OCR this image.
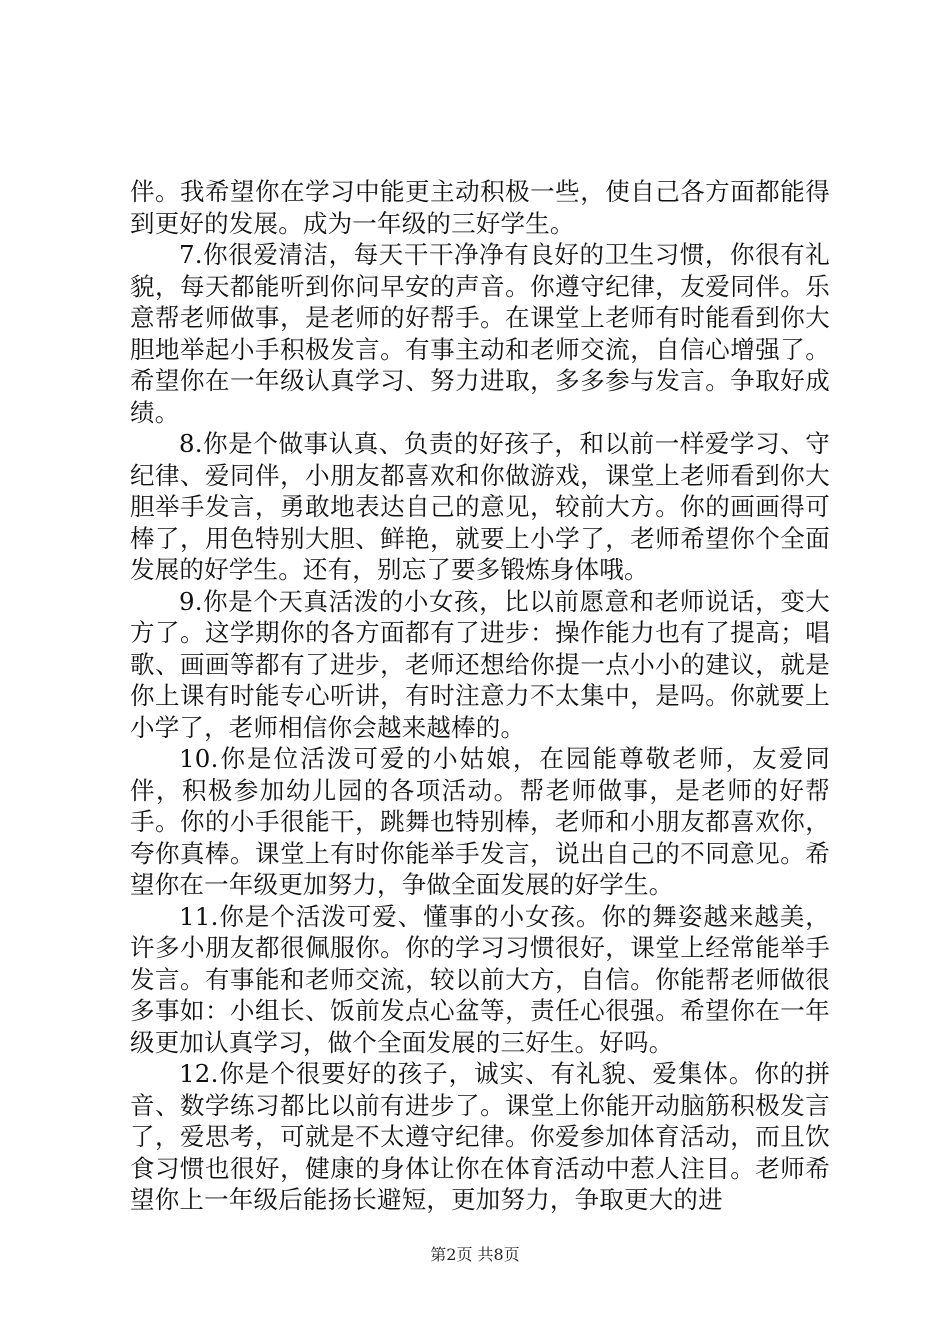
伴。我希望你在学习中能更主动积极一些，使自己各方面都能得到更好的发展。成为一年级的三好学生。

7.你很爱清洁，每天干干净净有良好的卫生习惯，你很有礼貌，每天都能听到你问早安的声音。你遵守纪律，友爱同伴。乐意帮老师做事，是老师的好帮手。在课堂上老师有时能看到你大胆地举起小手积极发言。有事主动和老师交流，自信心增强了。希望你在一年级认真学习、努力进取，多多参与发言。争取好成绩。

8.你是个做事认真、负责的好孩子，和以前一样爱学习、守纪律、爱同伴，小朋友都喜欢和你做游戏，课堂上老师看到你大胆举手发言，勇敢地表达自己的意见，较前大方。你的画画得可棒了，用色特别大胆、鲜艳，就要上小学了，老师希望你个全面发展的好学生。还有，别忘了要多锻炼身体哦。

9.你是个天真活泼的小女孩，比以前愿意和老师说话，变大方了。这学期你的各方面都有了进步：操作能力也有了提高；唱歌、画画等都有了进步，老师还想给你提一点小小的建议，就是你上课有时能专心听讲，有时注意力不太集中，是吗。你就要上小学了，老师相信你会越来越棒的。

10.你是位活泼可爱的小姑娘，在园能尊敬老师，友爱同伴，积极参加幼儿园的各项活动。帮老师做事，是老师的好帮手。你的小手很能干，跳舞也特别棒，老师和小朋友都喜欢你，夸你真棒。课堂上有时你能举手发言，说出自己的不同意见。希望你在一年级更加努力，争做全面发展的好学生。

11.你是个活泼可爱、懂事的小女孩。你的舞姿越来越美，许多小朋友都很佩服你。你的学习习惯很好，课堂上经常能举手发言。有事能和老师交流，较以前大方，自信。你能帮老师做很多事如：小组长、饭前发点心盆等，责任心很强。希望你在一年级更加认真学习，做个全面发展的三好生。好吗。

12.你是个很要好的孩子，诚实、有礼貌、爱集体。你的拼音、数学练习都比以前有进步了。课堂上你能开动脑筋积极发言了，爱思考，可就是不太遵守纪律。你爱参加体育活动，而且饮食习惯也很好，健康的身体让你在体育活动中惹人注目。老师希望你上一年级后能扬长避短，更加努力，争取更大的进

第2页 共8页
